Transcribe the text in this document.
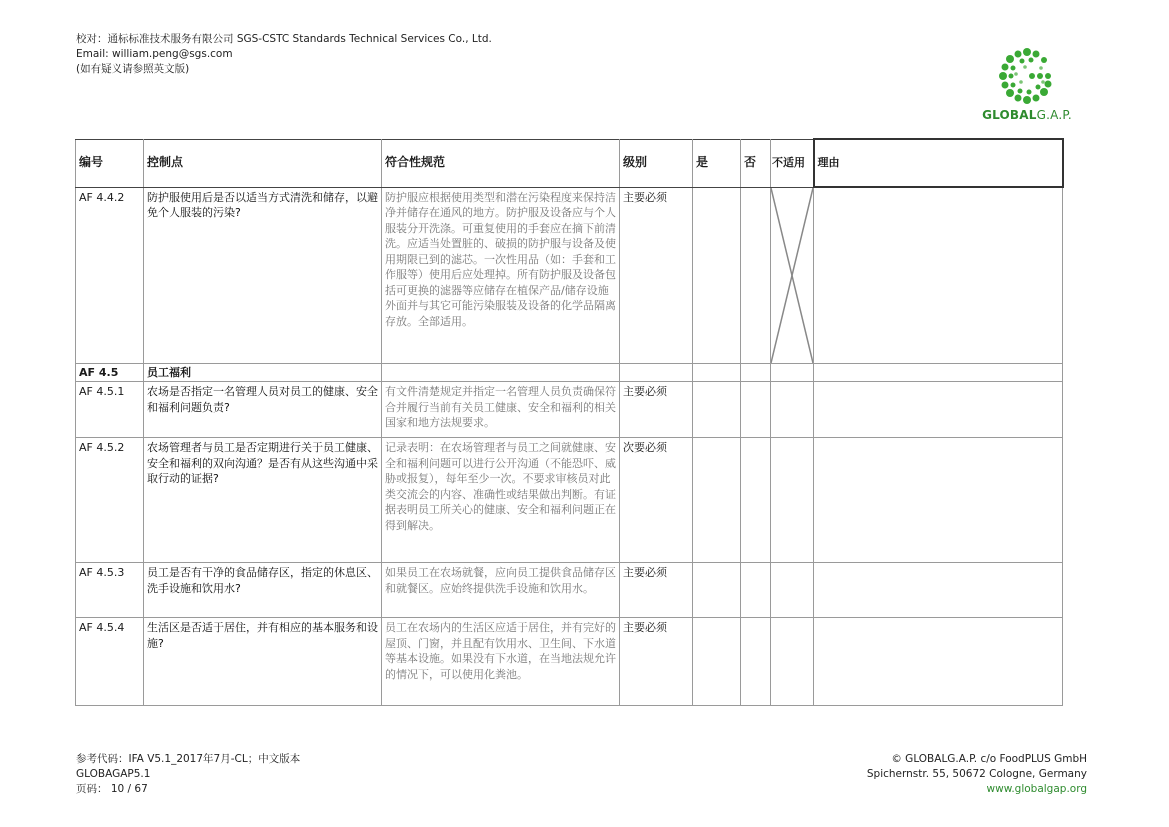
校对：通标标准技术服务有限公司 SGS-CSTC Standards Technical Services Co., Ltd.
Email: william.peng@sgs.com
(如有疑义请参照英文版)
GLOBALG.A.P.
编号	控制点	符合性规范	级别	是	否	不适用	理由
AF 4.4.2	防护服使用后是否以适当方式清洗和储存，以避免个人服装的污染?	防护服应根据使用类型和潜在污染程度来保持洁净并储存在通风的地方。防护服及设备应与个人服装分开洗涤。可重复使用的手套应在摘下前清洗。应适当处置脏的、破损的防护服与设备及使用期限已到的滤芯。一次性用品（如：手套和工作服等）使用后应处理掉。所有防护服及设备包括可更换的滤器等应储存在植保产品/储存设施外面并与其它可能污染服装及设备的化学品隔离存放。全部适用。	主要必须			

AF 4.5	员工福利						
AF 4.5.1	农场是否指定一名管理人员对员工的健康、安全和福利问题负责?	有文件清楚规定并指定一名管理人员负责确保符合并履行当前有关员工健康、安全和福利的相关国家和地方法规要求。	主要必须				
AF 4.5.2	农场管理者与员工是否定期进行关于员工健康、安全和福利的双向沟通？是否有从这些沟通中采取行动的证据?	记录表明：在农场管理者与员工之间就健康、安全和福利问题可以进行公开沟通（不能恐吓、威胁或报复），每年至少一次。不要求审核员对此类交流会的内容、准确性或结果做出判断。有证据表明员工所关心的健康、安全和福利问题正在得到解决。	次要必须				
AF 4.5.3	员工是否有干净的食品储存区，指定的休息区、洗手设施和饮用水?	如果员工在农场就餐，应向员工提供食品储存区和就餐区。应始终提供洗手设施和饮用水。	主要必须				
AF 4.5.4	生活区是否适于居住，并有相应的基本服务和设施?	员工在农场内的生活区应适于居住，并有完好的屋顶、门窗，并且配有饮用水、卫生间、下水道等基本设施。如果没有下水道，在当地法规允许的情况下，可以使用化粪池。	主要必须				
参考代码：IFA V5.1_2017年7月-CL；中文版本
GLOBAGAP5.1
页码： 10 / 67
© GLOBALG.A.P. c/o FoodPLUS GmbH
Spichernstr. 55, 50672 Cologne, Germany
www.globalgap.org
